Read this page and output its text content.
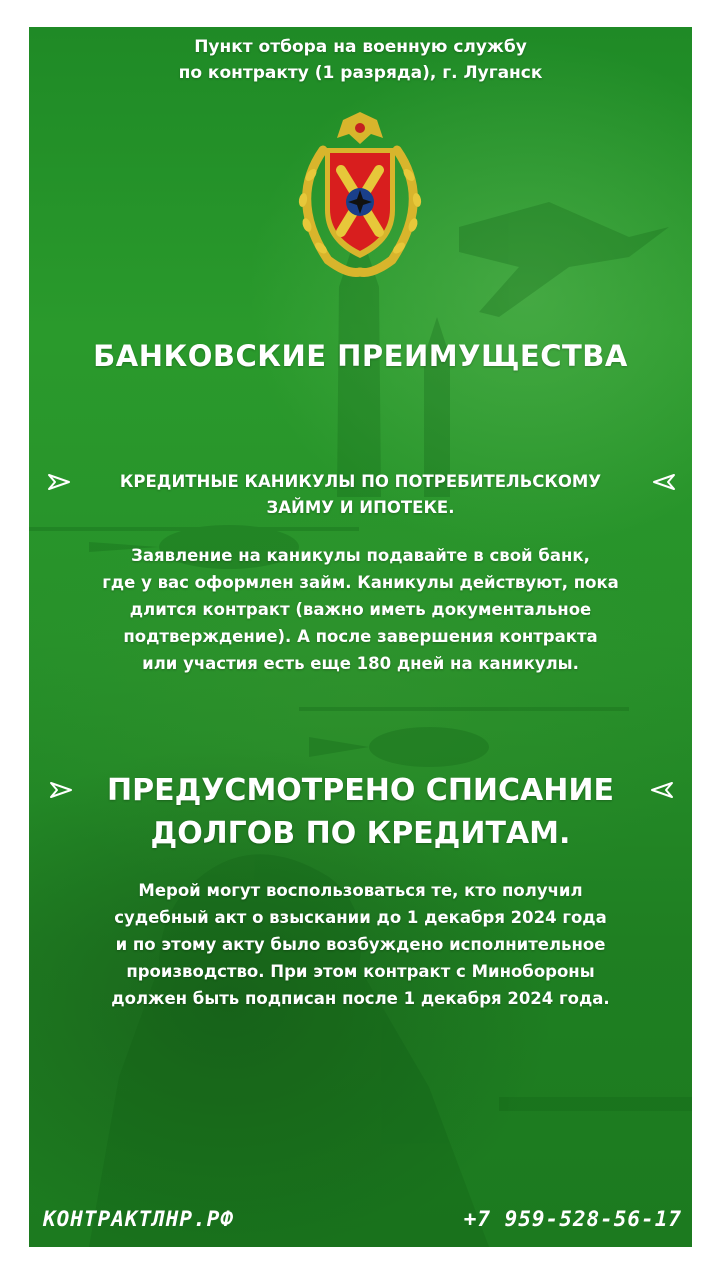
Пункт отбора на военную службу
по контракту (1 разряда), г. Луганск
БАНКОВСКИЕ ПРЕИМУЩЕСТВА
КРЕДИТНЫЕ КАНИКУЛЫ ПО ПОТРЕБИТЕЛЬСКОМУ
ЗАЙМУ И ИПОТЕКЕ.
Заявление на каникулы подавайте в свой банк,
где у вас оформлен займ. Каникулы действуют, пока
длится контракт (важно иметь документальное
подтверждение). А после завершения контракта
или участия есть еще 180 дней на каникулы.
ПРЕДУСМОТРЕНО СПИСАНИЕ
ДОЛГОВ ПО КРЕДИТАМ.
Мерой могут воспользоваться те, кто получил
судебный акт о взыскании до 1 декабря 2024 года
и по этому акту было возбуждено исполнительное
производство. При этом контракт с Минобороны
должен быть подписан после 1 декабря 2024 года.
КОНТРАКТЛНР.РФ	+7 959-528-56-17
